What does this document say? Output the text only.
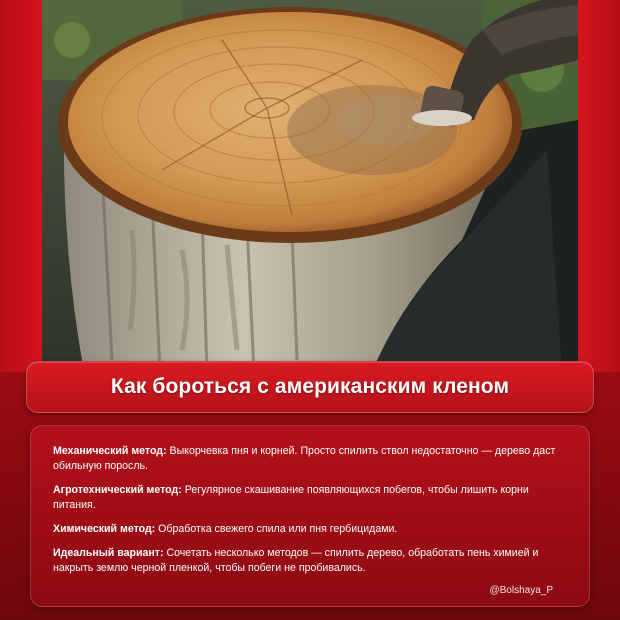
Как бороться с американским кленом

Механический метод: Выкорчевка пня и корней. Просто спилить ствол недостаточно — дерево даст обильную поросль.

Агротехнический метод: Регулярное скашивание появляющихся побегов, чтобы лишить корни питания.

Химический метод: Обработка свежего спила или пня гербицидами.

Идеальный вариант: Сочетать несколько методов — спилить дерево, обработать пень химией и накрыть землю черной пленкой, чтобы побеги не пробивались.

@Bolshaya_P
